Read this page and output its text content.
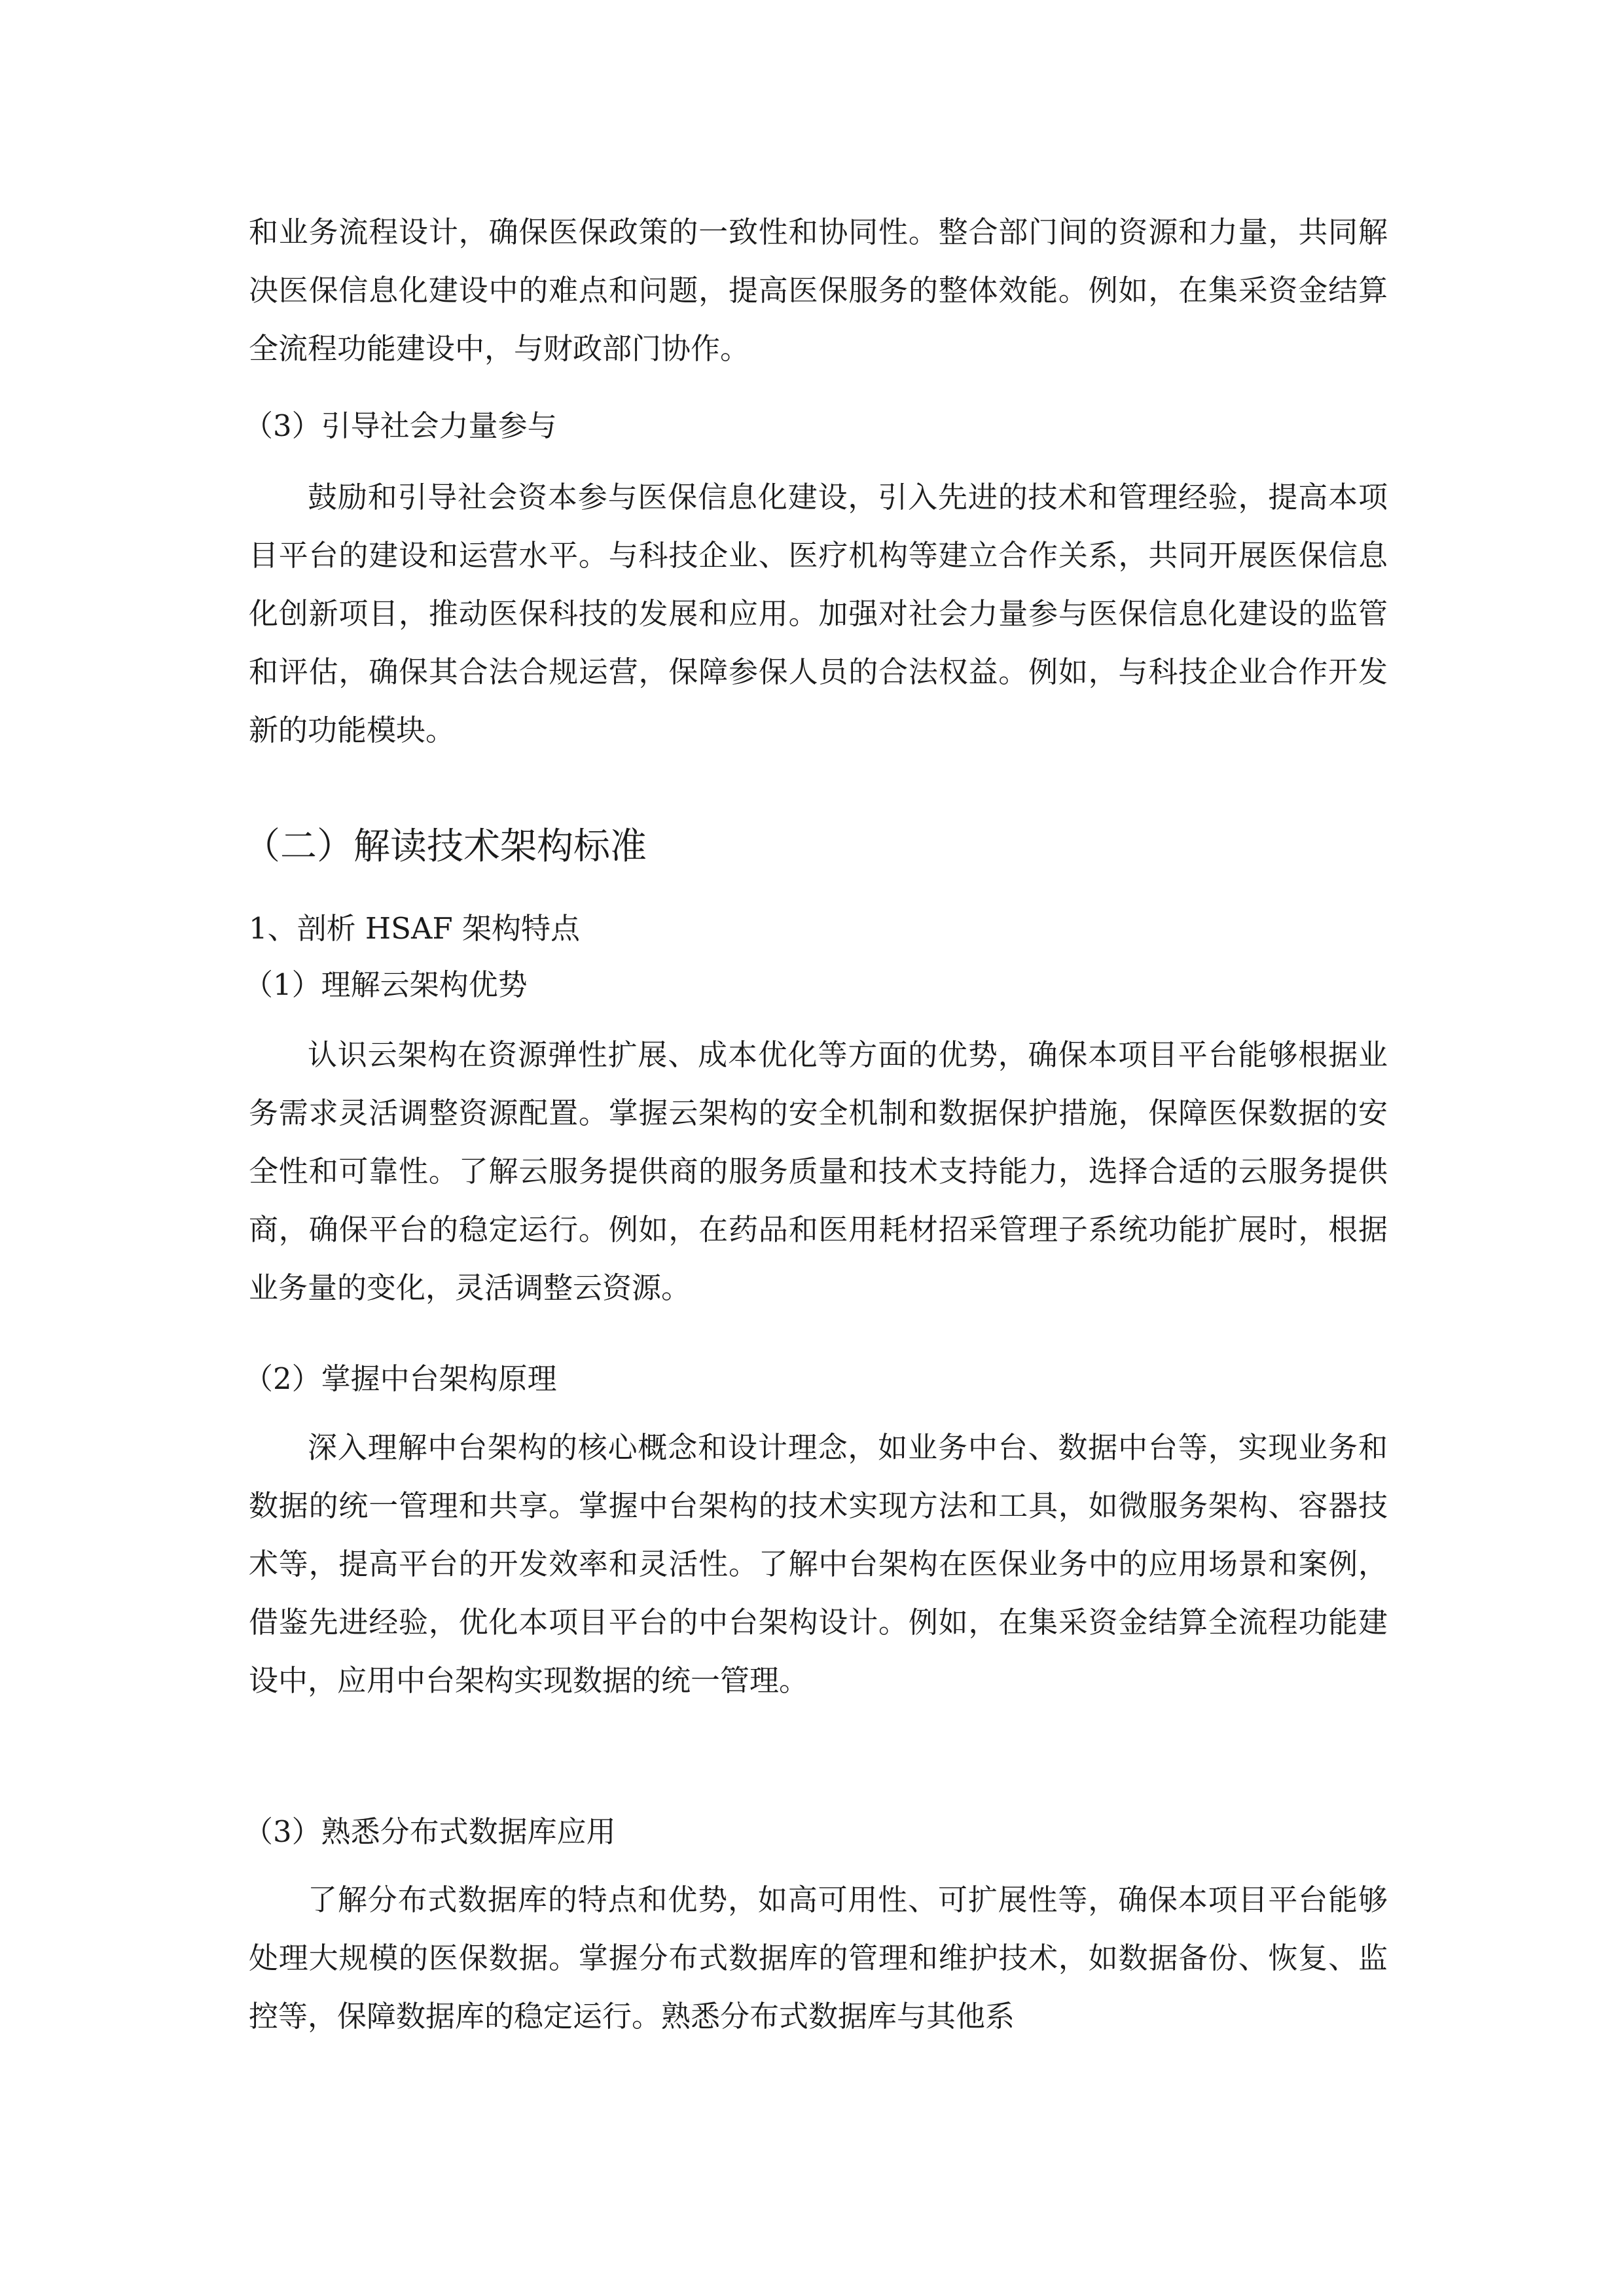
和业务流程设计，确保医保政策的一致性和协同性。整合部门间的资源和力量，共同解决医保信息化建设中的难点和问题，提高医保服务的整体效能。例如，在集采资金结算全流程功能建设中，与财政部门协作。

（3）引导社会力量参与

鼓励和引导社会资本参与医保信息化建设，引入先进的技术和管理经验，提高本项目平台的建设和运营水平。与科技企业、医疗机构等建立合作关系，共同开展医保信息化创新项目，推动医保科技的发展和应用。加强对社会力量参与医保信息化建设的监管和评估，确保其合法合规运营，保障参保人员的合法权益。例如，与科技企业合作开发新的功能模块。

（二）解读技术架构标准

1、剖析 HSAF 架构特点

（1）理解云架构优势

认识云架构在资源弹性扩展、成本优化等方面的优势，确保本项目平台能够根据业务需求灵活调整资源配置。掌握云架构的安全机制和数据保护措施，保障医保数据的安全性和可靠性。了解云服务提供商的服务质量和技术支持能力，选择合适的云服务提供商，确保平台的稳定运行。例如，在药品和医用耗材招采管理子系统功能扩展时，根据业务量的变化，灵活调整云资源。

（2）掌握中台架构原理

深入理解中台架构的核心概念和设计理念，如业务中台、数据中台等，实现业务和数据的统一管理和共享。掌握中台架构的技术实现方法和工具，如微服务架构、容器技术等，提高平台的开发效率和灵活性。了解中台架构在医保业务中的应用场景和案例，借鉴先进经验，优化本项目平台的中台架构设计。例如，在集采资金结算全流程功能建设中，应用中台架构实现数据的统一管理。

（3）熟悉分布式数据库应用

了解分布式数据库的特点和优势，如高可用性、可扩展性等，确保本项目平台能够处理大规模的医保数据。掌握分布式数据库的管理和维护技术，如数据备份、恢复、监控等，保障数据库的稳定运行。熟悉分布式数据库与其他系
